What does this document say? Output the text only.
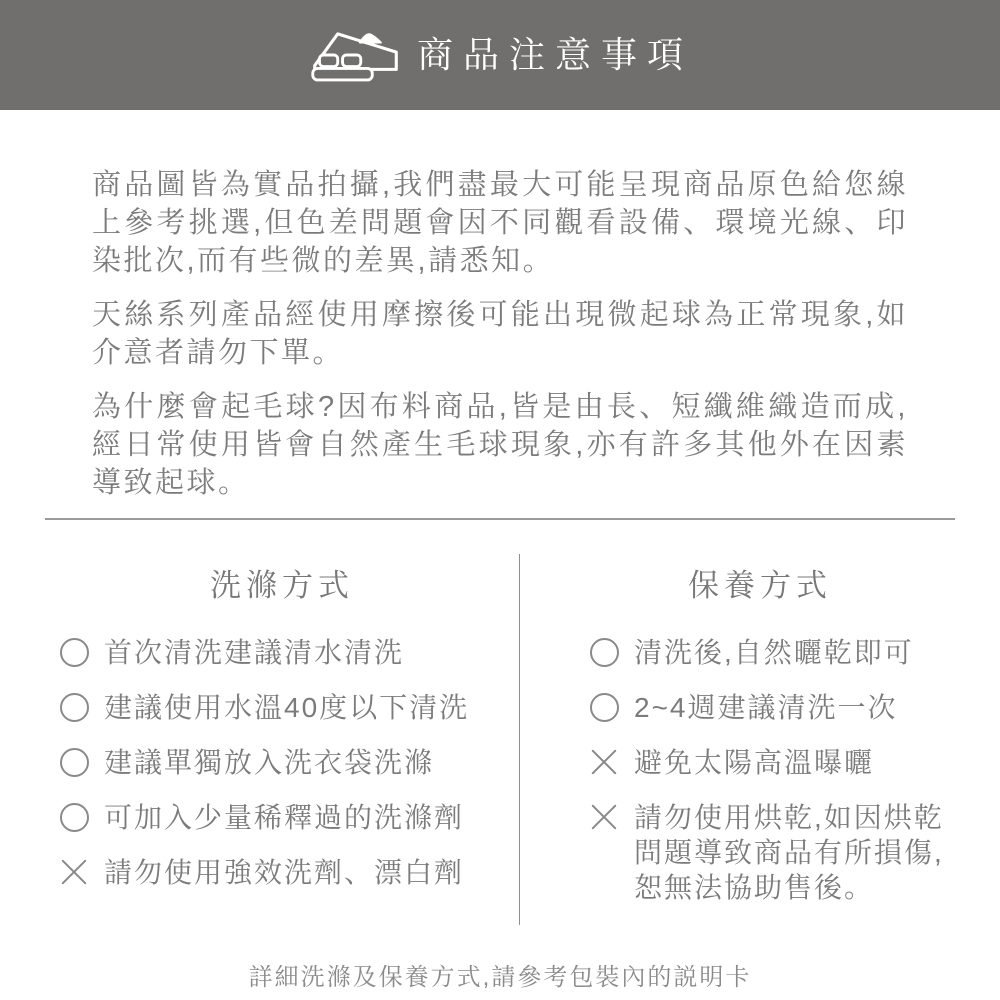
商品注意事項

商品圖皆為實品拍攝,我們盡最大可能呈現商品原色給您線上參考挑選,但色差問題會因不同觀看設備、環境光線、印染批次,而有些微的差異,請悉知。

天絲系列產品經使用摩擦後可能出現微起球為正常現象,如介意者請勿下單。

為什麼會起毛球?因布料商品,皆是由長、短纖維織造而成,經日常使用皆會自然產生毛球現象,亦有許多其他外在因素導致起球。

洗滌方式
首次清洗建議清水清洗
建議使用水溫40度以下清洗
建議單獨放入洗衣袋洗滌
可加入少量稀釋過的洗滌劑
請勿使用強效洗劑、漂白劑
保養方式
清洗後,自然曬乾即可
2~4週建議清洗一次
避免太陽高溫曝曬
請勿使用烘乾,如因烘乾問題導致商品有所損傷,恕無法協助售後。
詳細洗滌及保養方式,請參考包裝內的説明卡
